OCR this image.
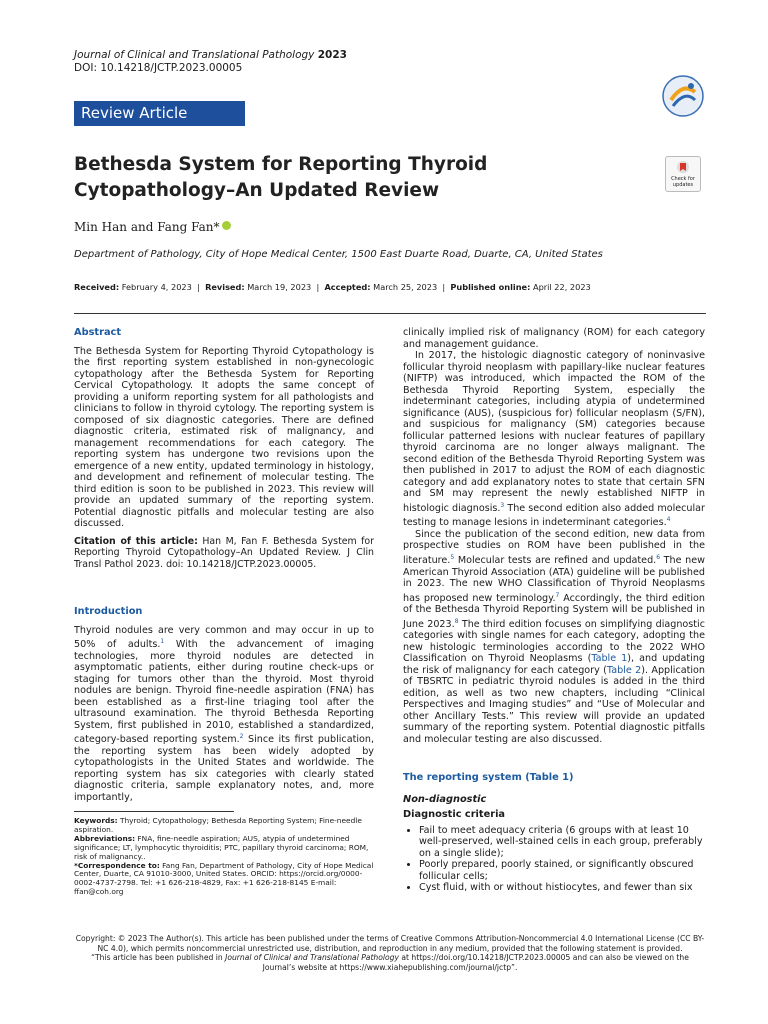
Journal of Clinical and Translational Pathology 2023
DOI: 10.14218/JCTP.2023.00005
Review Article
Bethesda System for Reporting Thyroid Cytopathology–An Updated Review
Check for
updates
Min Han and Fang Fan*
Department of Pathology, City of Hope Medical Center, 1500 East Duarte Road, Duarte, CA, United States
Received: February 4, 2023 | Revised: March 19, 2023 | Accepted: March 25, 2023 | Published online: April 22, 2023
Abstract

The Bethesda System for Reporting Thyroid Cytopathology is the first reporting system established in non-gynecologic cytopathology after the Bethesda System for Reporting Cervical Cytopathology. It adopts the same concept of providing a uniform reporting system for all pathologists and clinicians to follow in thyroid cytology. The reporting system is composed of six diagnostic categories. There are defined diagnostic criteria, estimated risk of malignancy, and management recommendations for each category. The reporting system has undergone two revisions upon the emergence of a new entity, updated terminology in histology, and development and refinement of molecular testing. The third edition is soon to be published in 2023. This review will provide an updated summary of the reporting system. Potential diagnostic pitfalls and molecular testing are also discussed.

Citation of this article: Han M, Fan F. Bethesda System for Reporting Thyroid Cytopathology–An Updated Review. J Clin Transl Pathol 2023. doi: 10.14218/JCTP.2023.00005.

Introduction

Thyroid nodules are very common and may occur in up to 50% of adults.$^1$ With the advancement of imaging technologies, more thyroid nodules are detected in asymptomatic patients, either during routine check-ups or staging for tumors other than the thyroid. Most thyroid nodules are benign. Thyroid fine-needle aspiration (FNA) has been established as a first-line triaging tool after the ultrasound examination. The thyroid Bethesda Reporting System, first published in 2010, established a standardized, category-based reporting system.$^2$ Since its first publication, the reporting system has been widely adopted by cytopathologists in the United States and worldwide. The reporting system has six categories with clearly stated diagnostic criteria, sample explanatory notes, and, more importantly,

Keywords: Thyroid; Cytopathology; Bethesda Reporting System; Fine-needle aspiration.
Abbreviations: FNA, fine-needle aspiration; AUS, atypia of undetermined significance; LT, lymphocytic thyroiditis; PTC, papillary thyroid carcinoma; ROM, risk of malignancy..
*Correspondence to: Fang Fan, Department of Pathology, City of Hope Medical Center, Duarte, CA 91010-3000, United States. ORCID: https://orcid.org/0000-0002-4737-2798. Tel: +1 626-218-4829, Fax: +1 626-218-8145 E-mail: ffan@coh.org

clinically implied risk of malignancy (ROM) for each category and management guidance.

In 2017, the histologic diagnostic category of noninvasive follicular thyroid neoplasm with papillary-like nuclear features (NIFTP) was introduced, which impacted the ROM of the Bethesda Thyroid Reporting System, especially the indeterminant categories, including atypia of undetermined significance (AUS), (suspicious for) follicular neoplasm (S/FN), and suspicious for malignancy (SM) categories because follicular patterned lesions with nuclear features of papillary thyroid carcinoma are no longer always malignant. The second edition of the Bethesda Thyroid Reporting System was then published in 2017 to adjust the ROM of each diagnostic category and add explanatory notes to state that certain SFN and SM may represent the newly established NIFTP in histologic diagnosis.$^3$ The second edition also added molecular testing to manage lesions in indeterminant categories.$^4$

Since the publication of the second edition, new data from prospective studies on ROM have been published in the literature.$^5$ Molecular tests are refined and updated.$^6$ The new American Thyroid Association (ATA) guideline will be published in 2023. The new WHO Classification of Thyroid Neoplasms has proposed new terminology.$^7$ Accordingly, the third edition of the Bethesda Thyroid Reporting System will be published in June 2023.$^8$ The third edition focuses on simplifying diagnostic categories with single names for each category, adopting the new histologic terminologies according to the 2022 WHO Classification on Thyroid Neoplasms (Table 1), and updating the risk of malignancy for each category (Table 2). Application of TBSRTC in pediatric thyroid nodules is added in the third edition, as well as two new chapters, including “Clinical Perspectives and Imaging studies” and “Use of Molecular and other Ancillary Tests.” This review will provide an updated summary of the reporting system. Potential diagnostic pitfalls and molecular testing are also discussed.

The reporting system (Table 1)
Non-diagnostic
Diagnostic criteria
• Fail to meet adequacy criteria (6 groups with at least 10 well-preserved, well-stained cells in each group, preferably on a single slide);
• Poorly prepared, poorly stained, or significantly obscured follicular cells;
• Cyst fluid, with or without histiocytes, and fewer than six
Copyright: © 2023 The Author(s). This article has been published under the terms of Creative Commons Attribution-Noncommercial 4.0 International License (CC BY-NC 4.0), which permits noncommercial unrestricted use, distribution, and reproduction in any medium, provided that the following statement is provided.
“This article has been published in Journal of Clinical and Translational Pathology at https://doi.org/10.14218/JCTP.2023.00005 and can also be viewed on the Journal’s website at https://www.xiahepublishing.com/journal/jctp”.
